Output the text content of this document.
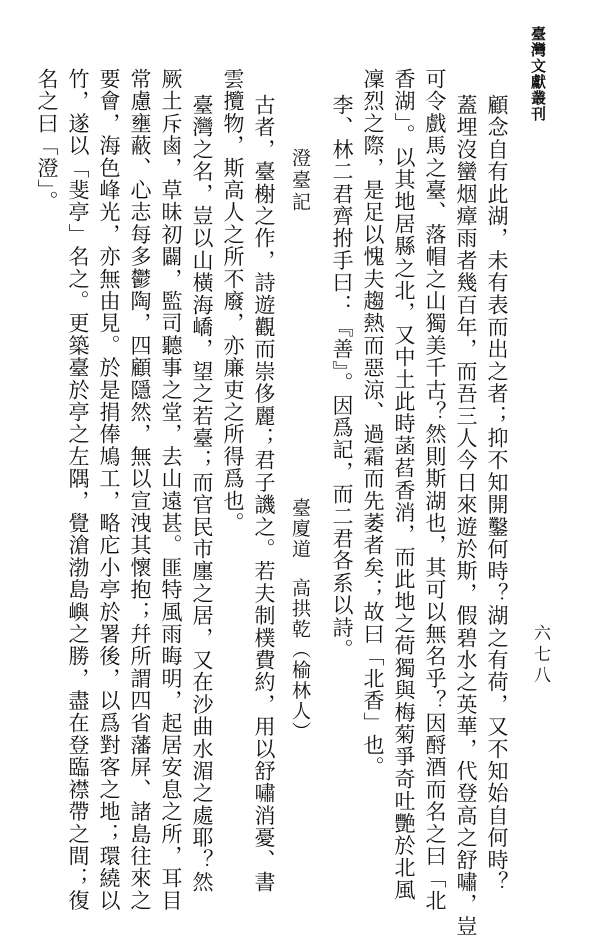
臺灣文獻叢刊
六七八
顧念自有此湖，未有表而出之者；抑不知開鑿何時？湖之有荷，又不知始自何時？
蓋埋沒蠻烟瘴雨者幾百年，而吾三人今日來遊於斯，假碧水之英華，代登高之舒嘯，豈
可令戲馬之臺、落帽之山獨美千古？然則斯湖也，其可以無名乎？因酹酒而名之曰「北
香湖」。以其地居縣之北，又中土此時菡萏香消，而此地之荷獨與梅菊爭奇吐艷於北風
凜烈之際，是足以愧夫趨熱而惡涼、過霜而先萎者矣；故曰「北香」也。
李、林二君齊拊手曰：『善』。因爲記，而二君各系以詩。
澄臺記
臺廈道
高拱乾（榆林人）
古者，臺榭之作，詩遊觀而崇侈麗；君子譏之。若夫制樸費約，用以舒嘯消憂、書
雲攬物，斯高人之所不廢，亦廉吏之所得爲也。
臺灣之名，豈以山橫海嶠，望之若臺；而官民市廛之居，又在沙曲水湄之處耶？然
厥土斥鹵，草昧初闢，監司聽事之堂，去山遠甚。匪特風雨晦明，起居安息之所，耳目
常慮壅蔽、心志每多鬱陶，四顧隱然，無以宣洩其懷抱；幷所謂四省藩屏、諸島往來之
要會，海色峰光，亦無由見。於是捐俸鳩工，略庀小亭於署後，以爲對客之地；環繞以
竹，遂以「斐亭」名之。更築臺於亭之左隅，覺滄渤島嶼之勝，盡在登臨襟帶之間；復
名之曰「澄」。
